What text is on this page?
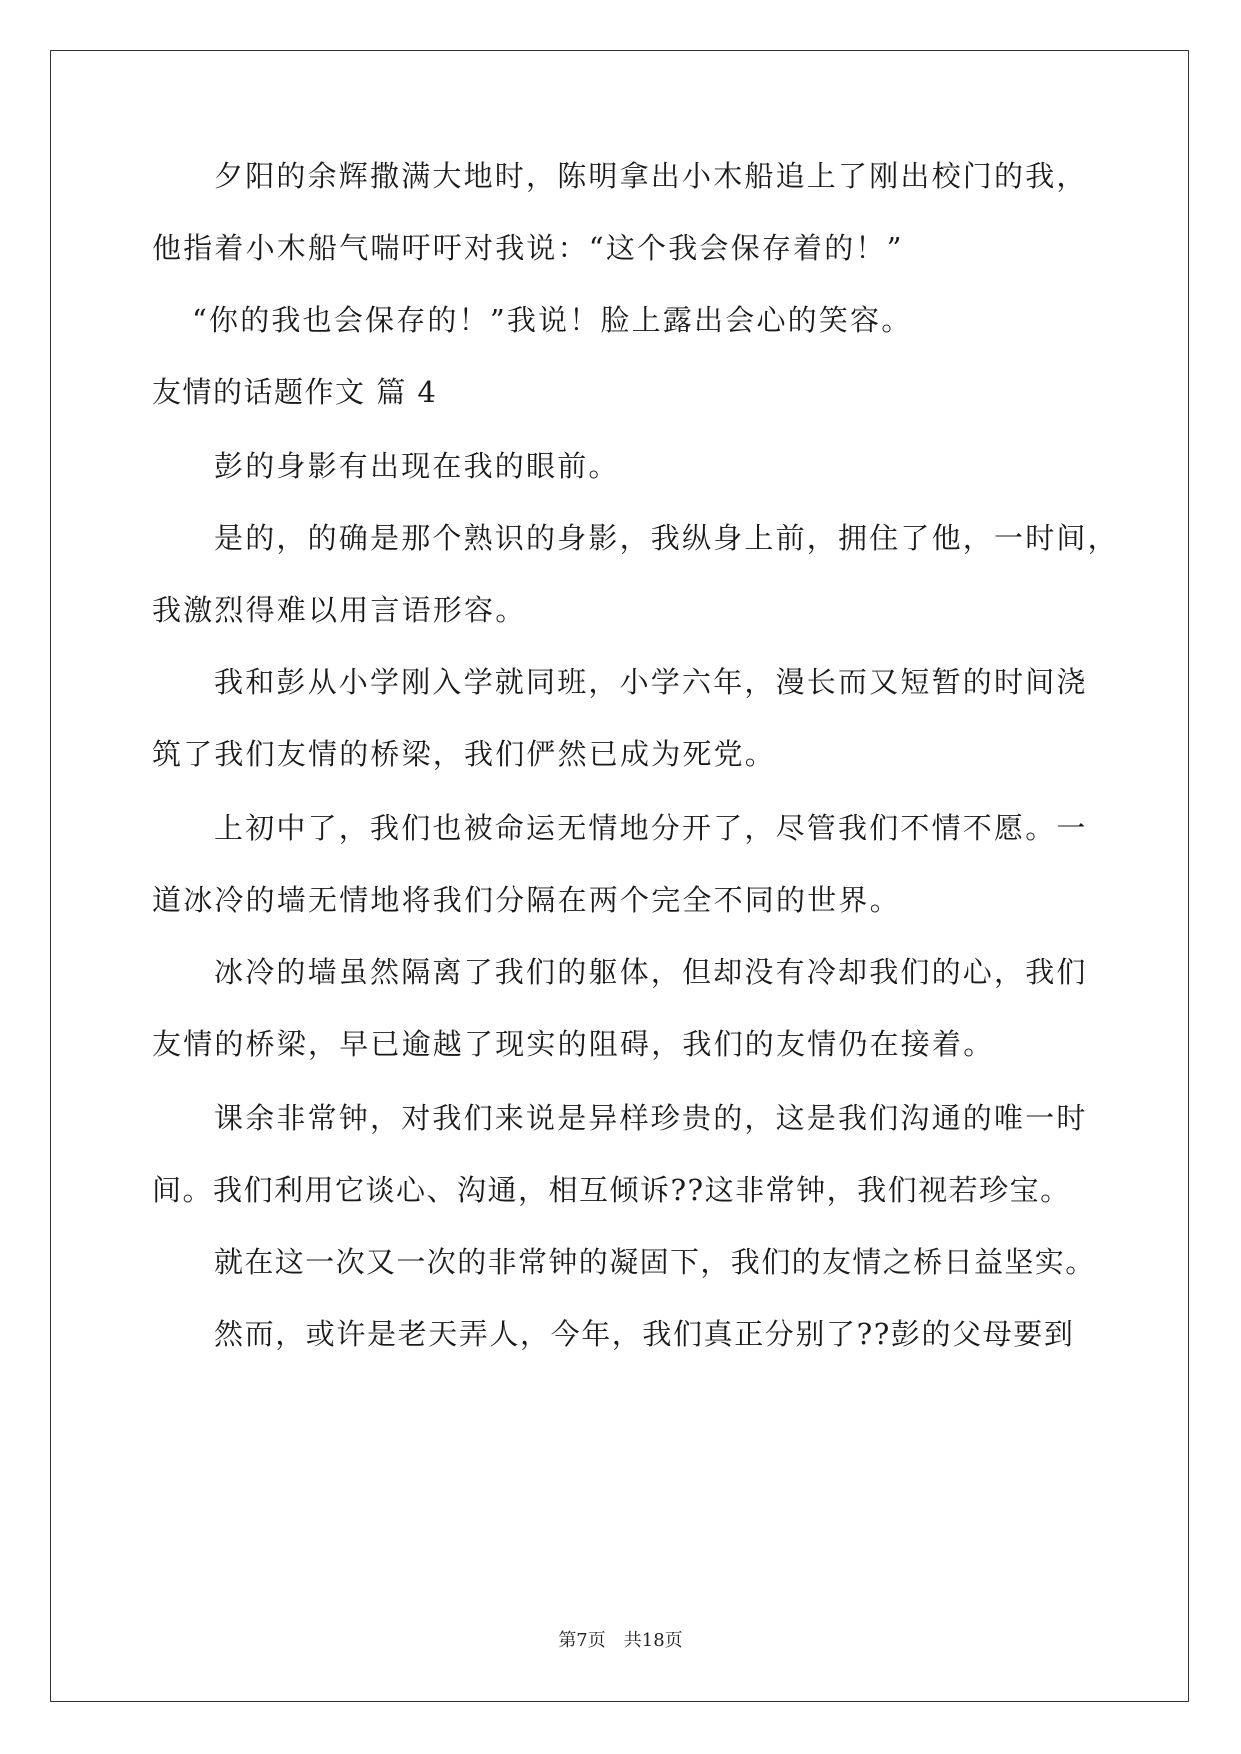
夕阳的余辉撒满大地时，陈明拿出小木船追上了刚出校门的我，
他指着小木船气喘吁吁对我说：“这个我会保存着的！”
“你的我也会保存的！”我说！脸上露出会心的笑容。
友情的话题作文 篇 4
彭的身影有出现在我的眼前。
是的，的确是那个熟识的身影，我纵身上前，拥住了他，一时间，
我激烈得难以用言语形容。
我和彭从小学刚入学就同班，小学六年，漫长而又短暂的时间浇
筑了我们友情的桥梁，我们俨然已成为死党。
上初中了，我们也被命运无情地分开了，尽管我们不情不愿。一
道冰冷的墙无情地将我们分隔在两个完全不同的世界。
冰冷的墙虽然隔离了我们的躯体，但却没有冷却我们的心，我们
友情的桥梁，早已逾越了现实的阻碍，我们的友情仍在接着。
课余非常钟，对我们来说是异样珍贵的，这是我们沟通的唯一时
间。我们利用它谈心、沟通，相互倾诉??这非常钟，我们视若珍宝。
就在这一次又一次的非常钟的凝固下，我们的友情之桥日益坚实。
然而，或许是老天弄人，今年，我们真正分别了??彭的父母要到
第7页 共18页
